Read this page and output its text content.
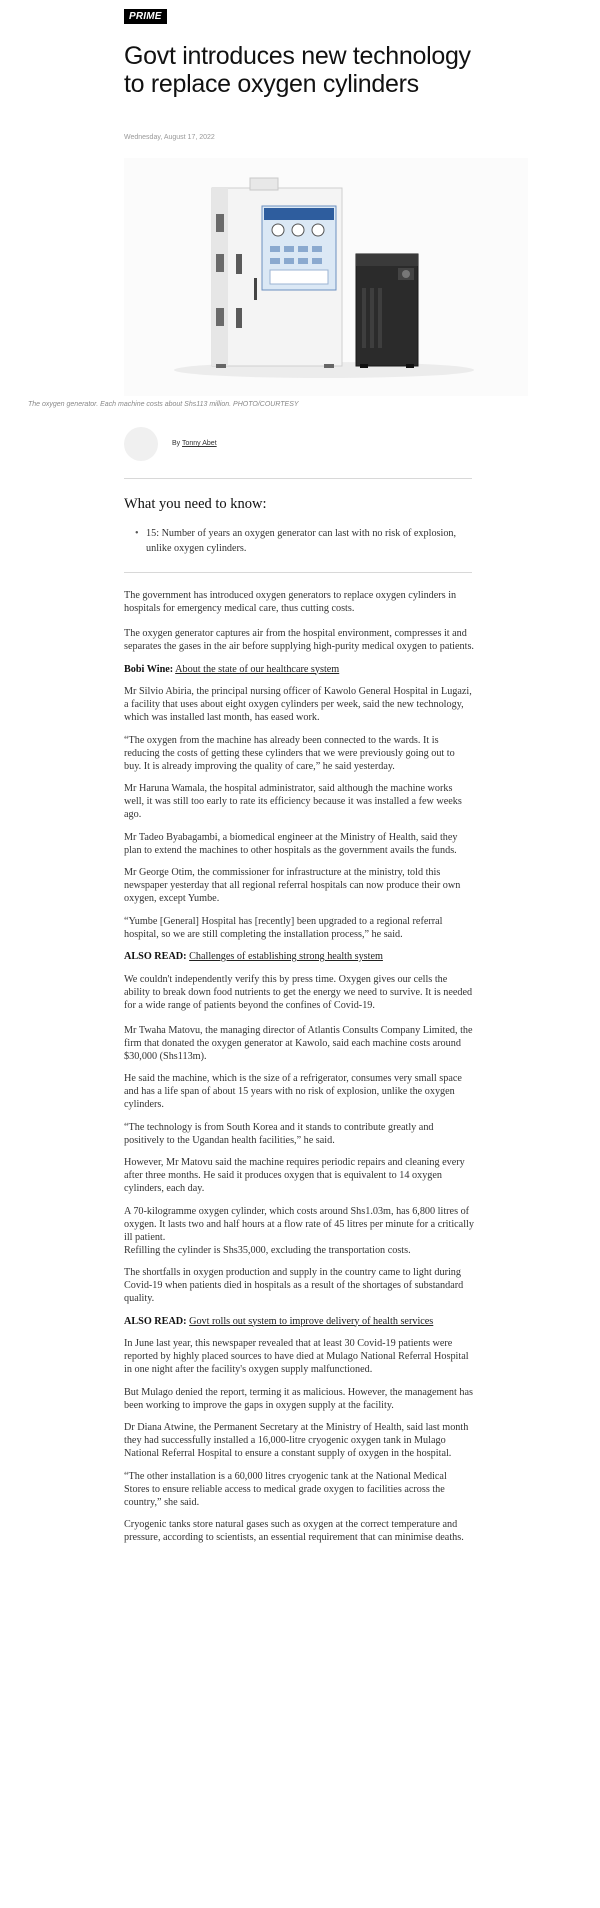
PRIME
Govt introduces new technology to replace oxygen cylinders
Wednesday, August 17, 2022
The oxygen generator. Each machine costs about Shs113 million. PHOTO/COURTESY
By Tonny Abet
What you need to know:
• 15: Number of years an oxygen generator can last with no risk of explosion, unlike oxygen cylinders.

The government has introduced oxygen generators to replace oxygen cylinders in hospitals for emergency medical care, thus cutting costs.

The oxygen generator captures air from the hospital environment, compresses it and separates the gases in the air before supplying high-purity medical oxygen to patients.

Bobi Wine: About the state of our healthcare system

Mr Silvio Abiria, the principal nursing officer of Kawolo General Hospital in Lugazi, a facility that uses about eight oxygen cylinders per week, said the new technology, which was installed last month, has eased work.

“The oxygen from the machine has already been connected to the wards. It is reducing the costs of getting these cylinders that we were previously going out to buy. It is already improving the quality of care,” he said yesterday.

Mr Haruna Wamala, the hospital administrator, said although the machine works well, it was still too early to rate its efficiency because it was installed a few weeks ago.

Mr Tadeo Byabagambi, a biomedical engineer at the Ministry of Health, said they plan to extend the machines to other hospitals as the government avails the funds.

Mr George Otim, the commissioner for infrastructure at the ministry, told this newspaper yesterday that all regional referral hospitals can now produce their own oxygen, except Yumbe.

“Yumbe [General] Hospital has [recently] been upgraded to a regional referral hospital, so we are still completing the installation process,” he said.

ALSO READ: Challenges of establishing strong health system

We couldn't independently verify this by press time. Oxygen gives our cells the ability to break down food nutrients to get the energy we need to survive. It is needed for a wide range of patients beyond the confines of Covid-19.

Mr Twaha Matovu, the managing director of Atlantis Consults Company Limited, the firm that donated the oxygen generator at Kawolo, said each machine costs around $30,000 (Shs113m).

He said the machine, which is the size of a refrigerator, consumes very small space and has a life span of about 15 years with no risk of explosion, unlike the oxygen cylinders.

“The technology is from South Korea and it stands to contribute greatly and positively to the Ugandan health facilities,” he said.

However, Mr Matovu said the machine requires periodic repairs and cleaning every after three months. He said it produces oxygen that is equivalent to 14 oxygen cylinders, each day.

A 70-kilogramme oxygen cylinder, which costs around Shs1.03m, has 6,800 litres of oxygen. It lasts two and half hours at a flow rate of 45 litres per minute for a critically ill patient.

Refilling the cylinder is Shs35,000, excluding the transportation costs.

The shortfalls in oxygen production and supply in the country came to light during Covid-19 when patients died in hospitals as a result of the shortages of substandard quality.

ALSO READ: Govt rolls out system to improve delivery of health services

In June last year, this newspaper revealed that at least 30 Covid-19 patients were reported by highly placed sources to have died at Mulago National Referral Hospital in one night after the facility's oxygen supply malfunctioned.

But Mulago denied the report, terming it as malicious. However, the management has been working to improve the gaps in oxygen supply at the facility.

Dr Diana Atwine, the Permanent Secretary at the Ministry of Health, said last month they had successfully installed a 16,000-litre cryogenic oxygen tank in Mulago National Referral Hospital to ensure a constant supply of oxygen in the hospital.

“The other installation is a 60,000 litres cryogenic tank at the National Medical Stores to ensure reliable access to medical grade oxygen to facilities across the country,” she said.

Cryogenic tanks store natural gases such as oxygen at the correct temperature and pressure, according to scientists, an essential requirement that can minimise deaths.
